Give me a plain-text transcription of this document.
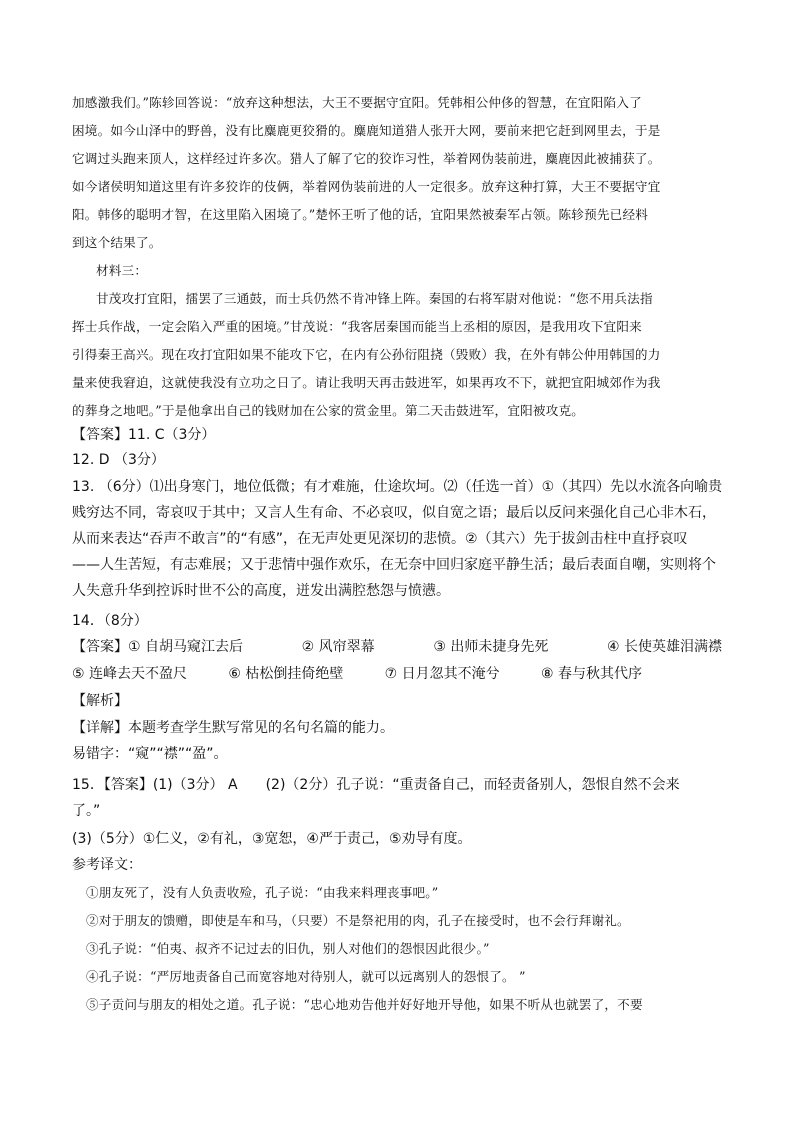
加感激我们。”陈轸回答说：“放弃这种想法，大王不要据守宜阳。凭韩相公仲侈的智慧，在宜阳陷入了
困境。如今山泽中的野兽，没有比麋鹿更狡猾的。麋鹿知道猎人张开大网，要前来把它赶到网里去，于是
它调过头跑来顶人，这样经过许多次。猎人了解了它的狡诈习性，举着网伪装前进，麋鹿因此被捕获了。
如今诸侯明知道这里有许多狡诈的伎俩，举着网伪装前进的人一定很多。放弃这种打算，大王不要据守宜
阳。韩侈的聪明才智，在这里陷入困境了。”楚怀王听了他的话，宜阳果然被秦军占领。陈轸预先已经料
到这个结果了。
材料三：
甘茂攻打宜阳，擂罢了三通鼓，而士兵仍然不肯冲锋上阵。秦国的右将军尉对他说：“您不用兵法指
挥士兵作战，一定会陷入严重的困境。”甘茂说：“我客居秦国而能当上丞相的原因，是我用攻下宜阳来
引得秦王高兴。现在攻打宜阳如果不能攻下它，在内有公孙衍阻挠（毁败）我，在外有韩公仲用韩国的力
量来使我窘迫，这就使我没有立功之日了。请让我明天再击鼓进军，如果再攻不下，就把宜阳城郊作为我
的葬身之地吧。”于是他拿出自己的钱财加在公家的赏金里。第二天击鼓进军，宜阳被攻克。
【答案】11. C（3分）
12. D （3分）
13. （6分）⑴出身寒门，地位低微；有才难施，仕途坎坷。⑵（任选一首）①（其四）先以水流各向喻贵
贱穷达不同，寄哀叹于其中；又言人生有命、不必哀叹，似自宽之语；最后以反问来强化自己心非木石，
从而来表达“吞声不敢言”的“有感”，在无声处更见深切的悲愤。②（其六）先于拔剑击柱中直抒哀叹
——人生苦短，有志难展；又于悲情中强作欢乐，在无奈中回归家庭平静生活；最后表面自嘲，实则将个
人失意升华到控诉时世不公的高度，迸发出满腔愁怨与愤懑。
14．（8分）
【答案】① 自胡马窥江去后	② 风帘翠幕	③ 出师未捷身先死	④ 长使英雄泪满襟
⑤ 连峰去天不盈尺	⑥ 枯松倒挂倚绝壁	⑦ 日月忽其不淹兮	⑧ 春与秋其代序
【解析】
【详解】本题考查学生默写常见的名句名篇的能力。
易错字：“窥”“襟”“盈”。
15．【答案】(1)（3分） A　　(2)（2分）孔子说：“重责备自己，而轻责备别人，怨恨自然不会来
了。”
(3)（5分）①仁义，②有礼，③宽恕，④严于责己，⑤劝导有度。
参考译文：
①朋友死了，没有人负责收殓，孔子说：“由我来料理丧事吧。”
②对于朋友的馈赠，即使是车和马，（只要）不是祭祀用的肉，孔子在接受时，也不会行拜谢礼。
③孔子说：“伯夷、叔齐不记过去的旧仇，别人对他们的怨恨因此很少。”
④孔子说：“严厉地责备自己而宽容地对待别人，就可以远离别人的怨恨了。 ”
⑤子贡问与朋友的相处之道。孔子说：“忠心地劝告他并好好地开导他，如果不听从也就罢了，不要
